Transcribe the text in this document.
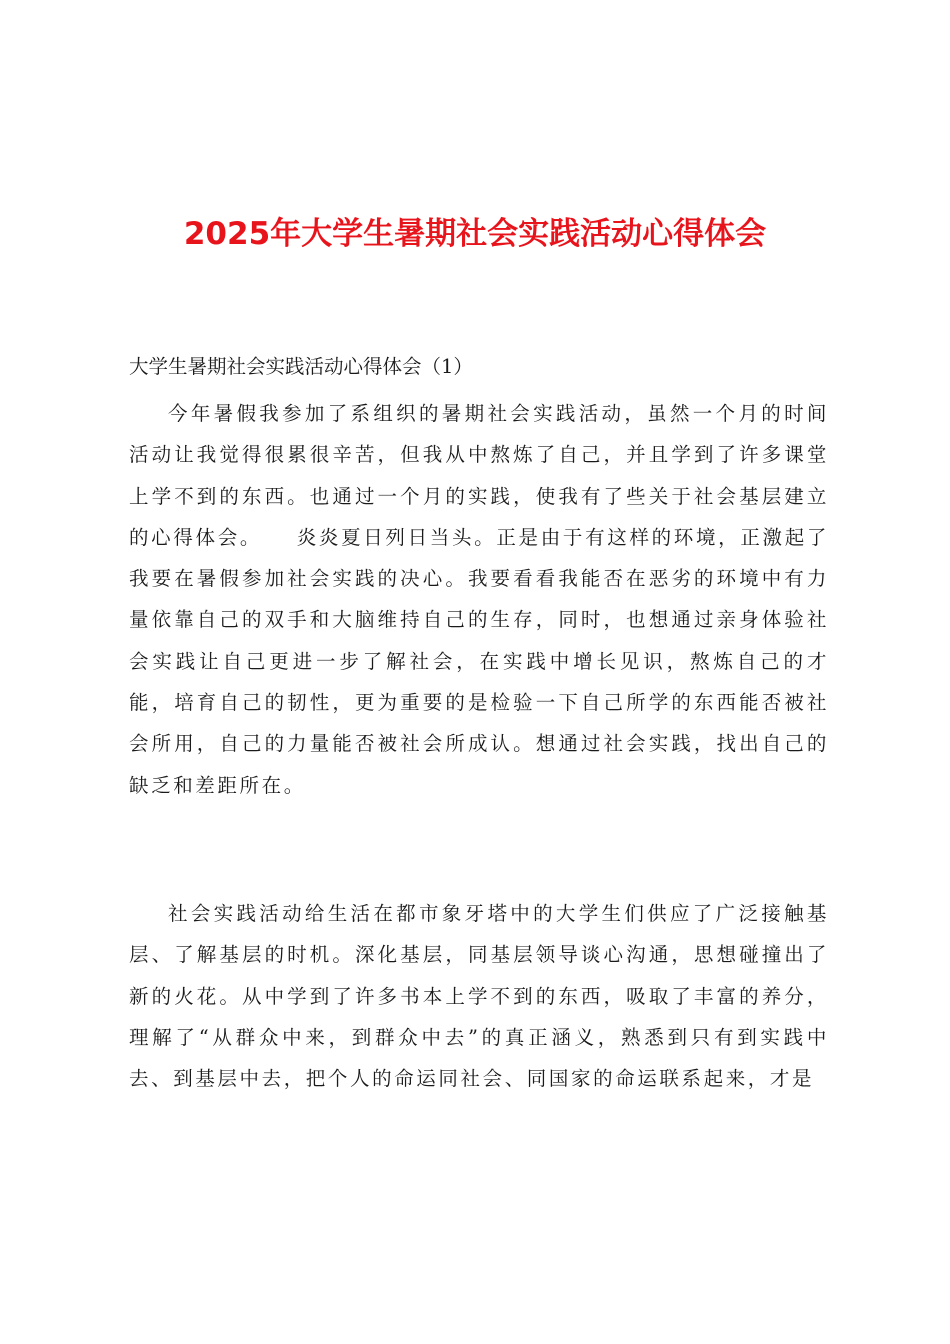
2025年大学生暑期社会实践活动心得体会
大学生暑期社会实践活动心得体会（1）

今年暑假我参加了系组织的暑期社会实践活动，虽然一个月的时间活动让我觉得很累很辛苦，但我从中熬炼了自己，并且学到了许多课堂上学不到的东西。也通过一个月的实践，使我有了些关于社会基层建立的心得体会。　　炎炎夏日列日当头。正是由于有这样的环境，正激起了我要在暑假参加社会实践的决心。我要看看我能否在恶劣的环境中有力量依靠自己的双手和大脑维持自己的生存，同时，也想通过亲身体验社会实践让自己更进一步了解社会，在实践中增长见识，熬炼自己的才能，培育自己的韧性，更为重要的是检验一下自己所学的东西能否被社会所用，自己的力量能否被社会所成认。想通过社会实践，找出自己的缺乏和差距所在。

社会实践活动给生活在都市象牙塔中的大学生们供应了广泛接触基层、了解基层的时机。深化基层，同基层领导谈心沟通，思想碰撞出了新的火花。从中学到了许多书本上学不到的东西，吸取了丰富的养分，理解了“从群众中来，到群众中去”的真正涵义，熟悉到只有到实践中去、到基层中去，把个人的命运同社会、同国家的命运联系起来，才是
